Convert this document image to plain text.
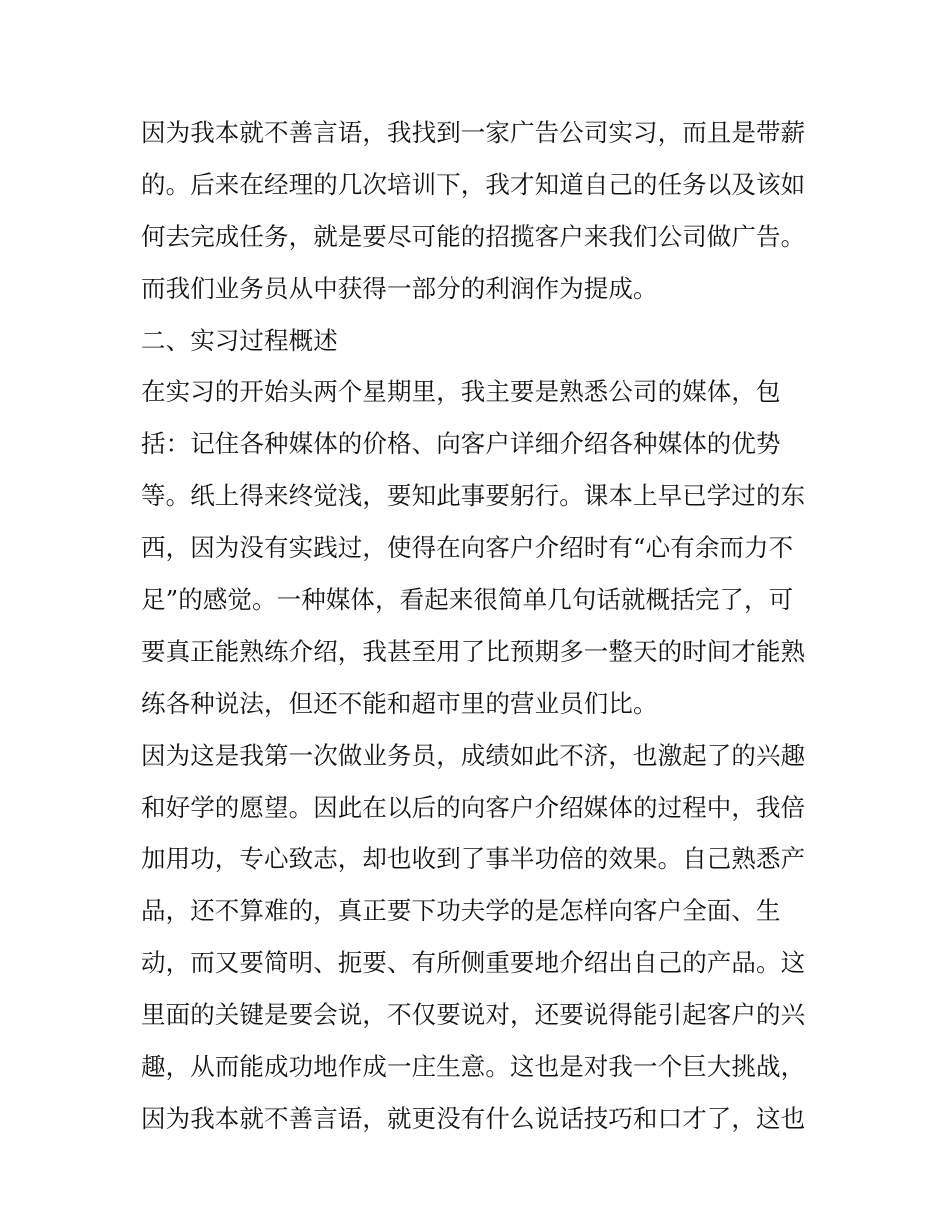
因为我本就不善言语，我找到一家广告公司实习，而且是带薪
的。后来在经理的几次培训下，我才知道自己的任务以及该如
何去完成任务，就是要尽可能的招揽客户来我们公司做广告。
而我们业务员从中获得一部分的利润作为提成。
二、实习过程概述
在实习的开始头两个星期里，我主要是熟悉公司的媒体，包
括：记住各种媒体的价格、向客户详细介绍各种媒体的优势
等。纸上得来终觉浅，要知此事要躬行。课本上早已学过的东
西，因为没有实践过，使得在向客户介绍时有“心有余而力不
足”的感觉。一种媒体，看起来很简单几句话就概括完了，可
要真正能熟练介绍，我甚至用了比预期多一整天的时间才能熟
练各种说法，但还不能和超市里的营业员们比。
因为这是我第一次做业务员，成绩如此不济，也激起了的兴趣
和好学的愿望。因此在以后的向客户介绍媒体的过程中，我倍
加用功，专心致志，却也收到了事半功倍的效果。自己熟悉产
品，还不算难的，真正要下功夫学的是怎样向客户全面、生
动，而又要简明、扼要、有所侧重要地介绍出自己的产品。这
里面的关键是要会说，不仅要说对，还要说得能引起客户的兴
趣，从而能成功地作成一庄生意。这也是对我一个巨大挑战，
因为我本就不善言语，就更没有什么说话技巧和口才了，这也
